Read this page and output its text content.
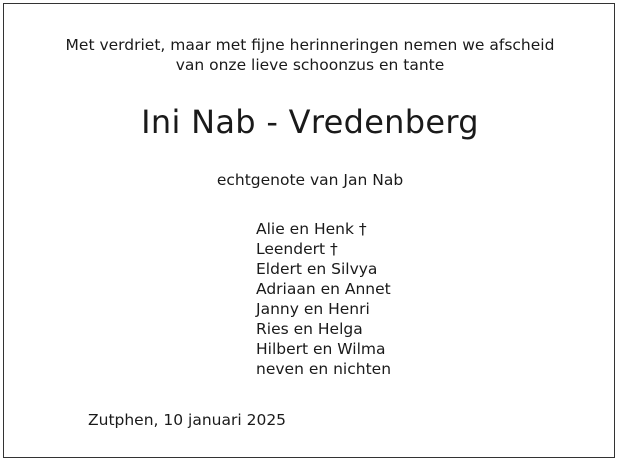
Met verdriet, maar met fijne herinneringen nemen we afscheid
van onze lieve schoonzus en tante
Ini Nab - Vredenberg
echtgenote van Jan Nab
Alie en Henk †
Leendert †
Eldert en Silvya
Adriaan en Annet
Janny en Henri
Ries en Helga
Hilbert en Wilma
neven en nichten
Zutphen, 10 januari 2025
